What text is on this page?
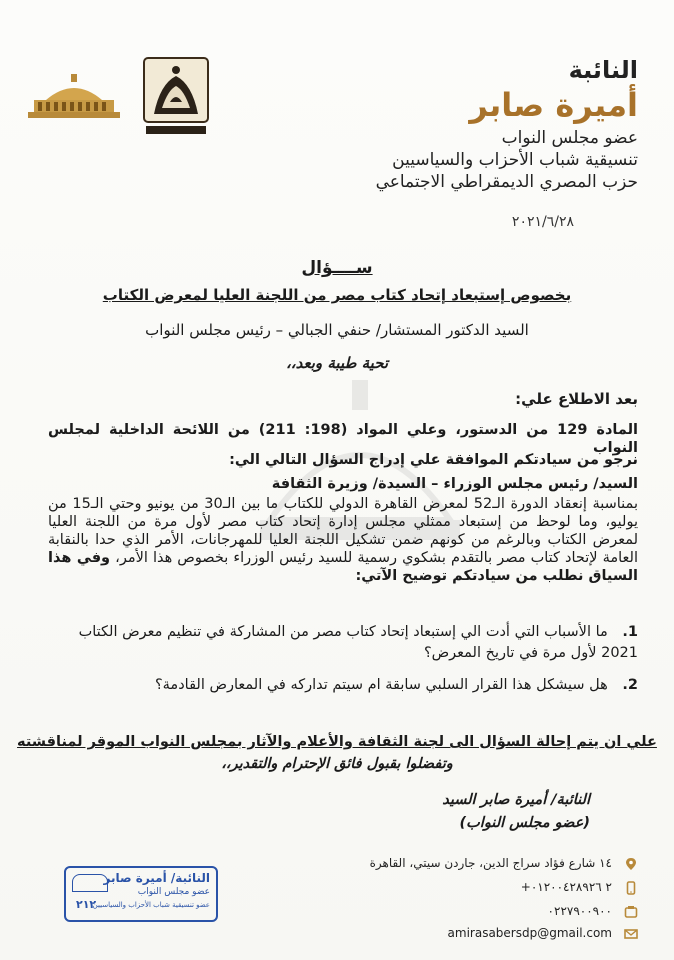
النائبة
أميرة صابر
عضو مجلس النواب
تنسيقية شباب الأحزاب والسياسيين
حزب المصري الديمقراطي الاجتماعي
٢٠٢١/٦/٢٨
ســــؤال
بخصوص إستبعاد إتحاد كتاب مصر من اللجنة العليا لمعرض الكتاب
السيد الدكتور المستشار/ حنفي الجبالي – رئيس مجلس النواب
تحية طيبة وبعد،،
بعد الاطلاع علي:
المادة 129 من الدستور، وعلي المواد (198: 211) من اللائحة الداخلية لمجلس النواب
نرجو من سيادتكم الموافقة علي إدراج السؤال التالي الي:
السيد/ رئيس مجلس الوزراء – السيدة/ وزيرة الثقافة
بمناسبة إنعقاد الدورة الـ52 لمعرض القاهرة الدولي للكتاب ما بين الـ30 من يونيو وحتي الـ15 من يوليو، وما لوحظ من إستبعاد ممثلي مجلس إدارة إتحاد كتاب مصر لأول مرة من اللجنة العليا لمعرض الكتاب وبالرغم من كونهم ضمن تشكيل اللجنة العليا للمهرجانات، الأمر الذي حدا بالنقابة العامة لإتحاد كتاب مصر بالتقدم بشكوي رسمية للسيد رئيس الوزراء بخصوص هذا الأمر، وفي هذا السياق نطلب من سيادتكم توضيح الآتي:
1. ما الأسباب التي أدت الي إستبعاد إتحاد كتاب مصر من المشاركة في تنظيم معرض الكتاب 2021 لأول مرة في تاريخ المعرض؟
2. هل سيشكل هذا القرار السلبي سابقة ام سيتم تداركه في المعارض القادمة؟
علي ان يتم إحالة السؤال الى لجنة الثقافة والأعلام والآثار بمجلس النواب الموقر لمناقشته
وتفضلوا بقبول فائق الإحترام والتقدير،،
النائبة/ أميرة صابر السيد
(عضو مجلس النواب)
١٤ شارع فؤاد سراج الدين، جاردن سيتي، القاهرة
+٢ ٠١٢٠٠٤٢٨٩٢٦
٠٢٢٧٩٠٠٩٠٠
amirasabersdp@gmail.com
النائبة/ أميرة صابر
عضو مجلس النواب
عضو تنسيقية شباب الأحزاب والسياسيين
٢١٢
